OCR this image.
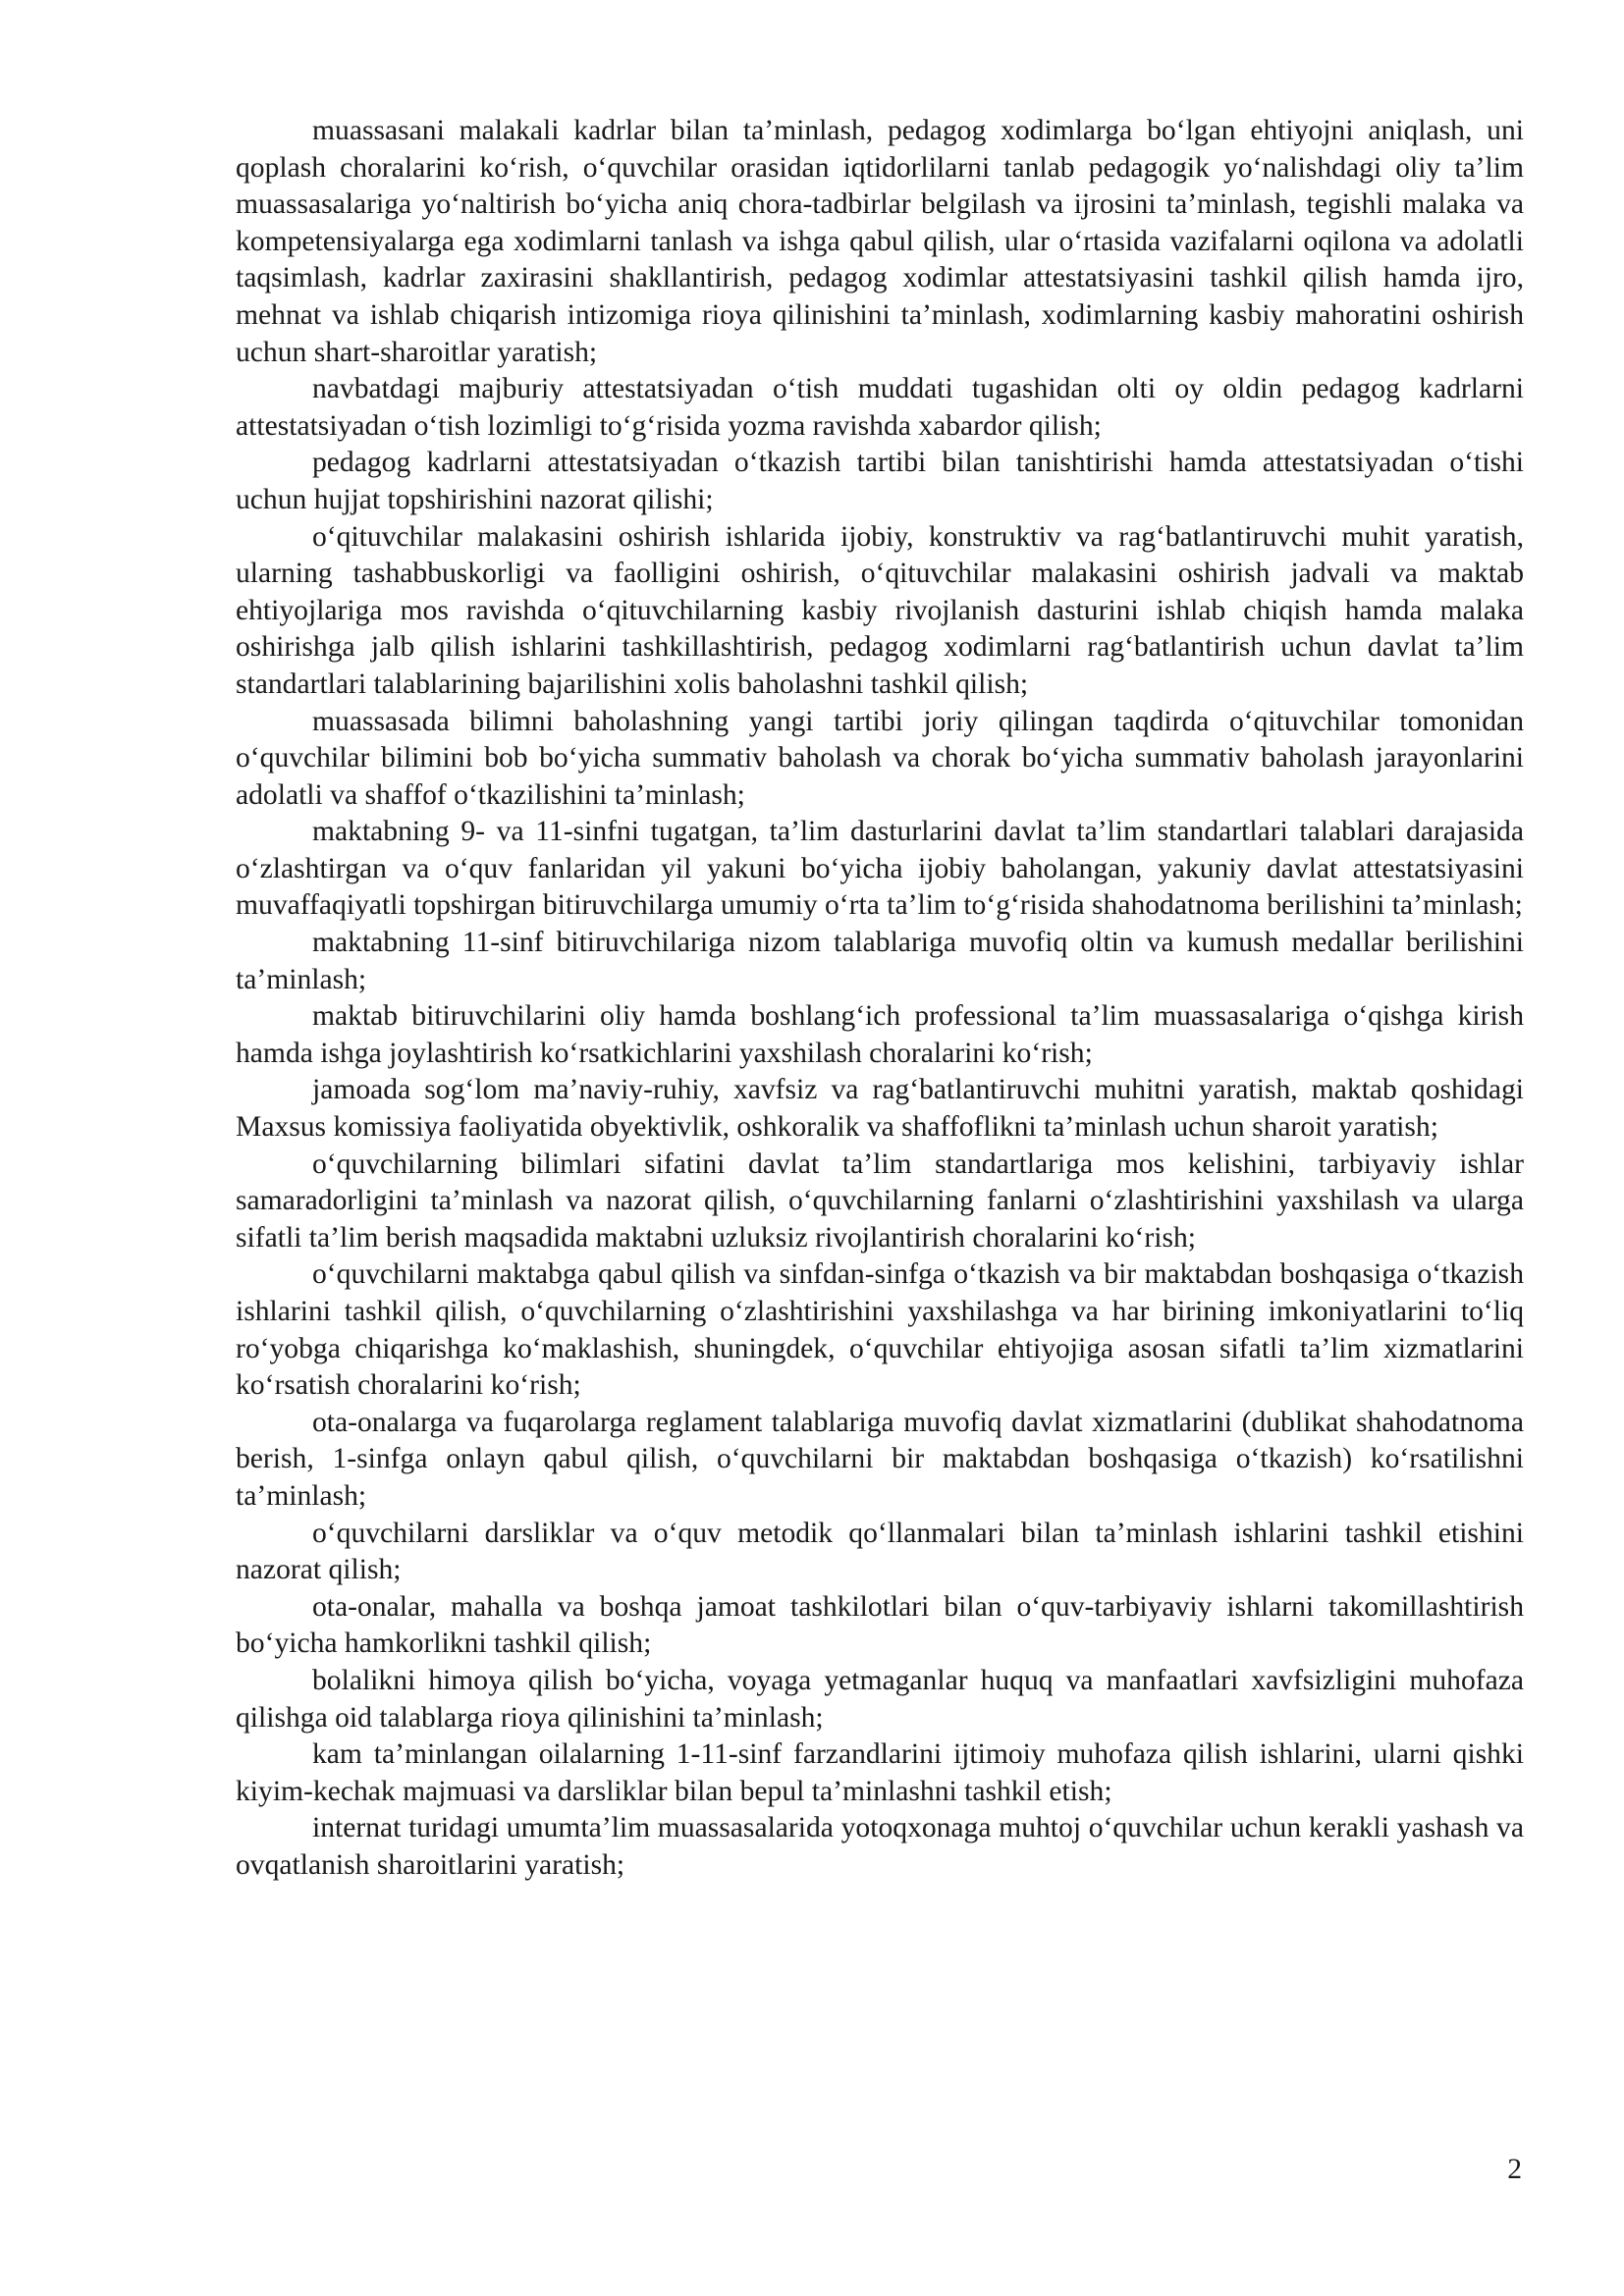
muassasani malakali kadrlar bilan ta’minlash, pedagog xodimlarga bo‘lgan ehtiyojni aniqlash, uni qoplash choralarini ko‘rish, o‘quvchilar orasidan iqtidorlilarni tanlab pedagogik yo‘nalishdagi oliy ta’lim muassasalariga yo‘naltirish bo‘yicha aniq chora-tadbirlar belgilash va ijrosini ta’minlash, tegishli malaka va kompetensiyalarga ega xodimlarni tanlash va ishga qabul qilish, ular o‘rtasida vazifalarni oqilona va adolatli taqsimlash, kadrlar zaxirasini shakllantirish, pedagog xodimlar attestatsiyasini tashkil qilish hamda ijro, mehnat va ishlab chiqarish intizomiga rioya qilinishini ta’minlash, xodimlarning kasbiy mahoratini oshirish uchun shart-sharoitlar yaratish;

navbatdagi majburiy attestatsiyadan o‘tish muddati tugashidan olti oy oldin pedagog kadrlarni attestatsiyadan o‘tish lozimligi to‘g‘risida yozma ravishda xabardor qilish;

pedagog kadrlarni attestatsiyadan o‘tkazish tartibi bilan tanishtirishi hamda attestatsiyadan o‘tishi uchun hujjat topshirishini nazorat qilishi;

o‘qituvchilar malakasini oshirish ishlarida ijobiy, konstruktiv va rag‘batlantiruvchi muhit yaratish, ularning tashabbuskorligi va faolligini oshirish, o‘qituvchilar malakasini oshirish jadvali va maktab ehtiyojlariga mos ravishda o‘qituvchilarning kasbiy rivojlanish dasturini ishlab chiqish hamda malaka oshirishga jalb qilish ishlarini tashkillashtirish, pedagog xodimlarni rag‘batlantirish uchun davlat ta’lim standartlari talablarining bajarilishini xolis baholashni tashkil qilish;

muassasada bilimni baholashning yangi tartibi joriy qilingan taqdirda o‘qituvchilar tomonidan o‘quvchilar bilimini bob bo‘yicha summativ baholash va chorak bo‘yicha summativ baholash jarayonlarini adolatli va shaffof o‘tkazilishini ta’minlash;

maktabning 9- va 11-sinfni tugatgan, ta’lim dasturlarini davlat ta’lim standartlari talablari darajasida o‘zlashtirgan va o‘quv fanlaridan yil yakuni bo‘yicha ijobiy baholangan, yakuniy davlat attestatsiyasini muvaffaqiyatli topshirgan bitiruvchilarga umumiy o‘rta ta’lim to‘g‘risida shahodatnoma berilishini ta’minlash;

maktabning 11-sinf bitiruvchilariga nizom talablariga muvofiq oltin va kumush medallar berilishini ta’minlash;

maktab bitiruvchilarini oliy hamda boshlang‘ich professional ta’lim muassasalariga o‘qishga kirish hamda ishga joylashtirish ko‘rsatkichlarini yaxshilash choralarini ko‘rish;

jamoada sog‘lom ma’naviy-ruhiy, xavfsiz va rag‘batlantiruvchi muhitni yaratish, maktab qoshidagi Maxsus komissiya faoliyatida obyektivlik, oshkoralik va shaffoflikni ta’minlash uchun sharoit yaratish;

o‘quvchilarning bilimlari sifatini davlat ta’lim standartlariga mos kelishini, tarbiyaviy ishlar samaradorligini ta’minlash va nazorat qilish, o‘quvchilarning fanlarni o‘zlashtirishini yaxshilash va ularga sifatli ta’lim berish maqsadida maktabni uzluksiz rivojlantirish choralarini ko‘rish;

o‘quvchilarni maktabga qabul qilish va sinfdan-sinfga o‘tkazish va bir maktabdan boshqasiga o‘tkazish ishlarini tashkil qilish, o‘quvchilarning o‘zlashtirishini yaxshilashga va har birining imkoniyatlarini to‘liq ro‘yobga chiqarishga ko‘maklashish, shuningdek, o‘quvchilar ehtiyojiga asosan sifatli ta’lim xizmatlarini ko‘rsatish choralarini ko‘rish;

ota-onalarga va fuqarolarga reglament talablariga muvofiq davlat xizmatlarini (dublikat shahodatnoma berish, 1-sinfga onlayn qabul qilish, o‘quvchilarni bir maktabdan boshqasiga o‘tkazish) ko‘rsatilishni ta’minlash;

o‘quvchilarni darsliklar va o‘quv metodik qo‘llanmalari bilan ta’minlash ishlarini tashkil etishini nazorat qilish;

ota-onalar, mahalla va boshqa jamoat tashkilotlari bilan o‘quv-tarbiyaviy ishlarni takomillashtirish bo‘yicha hamkorlikni tashkil qilish;

bolalikni himoya qilish bo‘yicha, voyaga yetmaganlar huquq va manfaatlari xavfsizligini muhofaza qilishga oid talablarga rioya qilinishini ta’minlash;

kam ta’minlangan oilalarning 1-11-sinf farzandlarini ijtimoiy muhofaza qilish ishlarini, ularni qishki kiyim-kechak majmuasi va darsliklar bilan bepul ta’minlashni tashkil etish;

internat turidagi umumta’lim muassasalarida yotoqxonaga muhtoj o‘quvchilar uchun kerakli yashash va ovqatlanish sharoitlarini yaratish;

2
